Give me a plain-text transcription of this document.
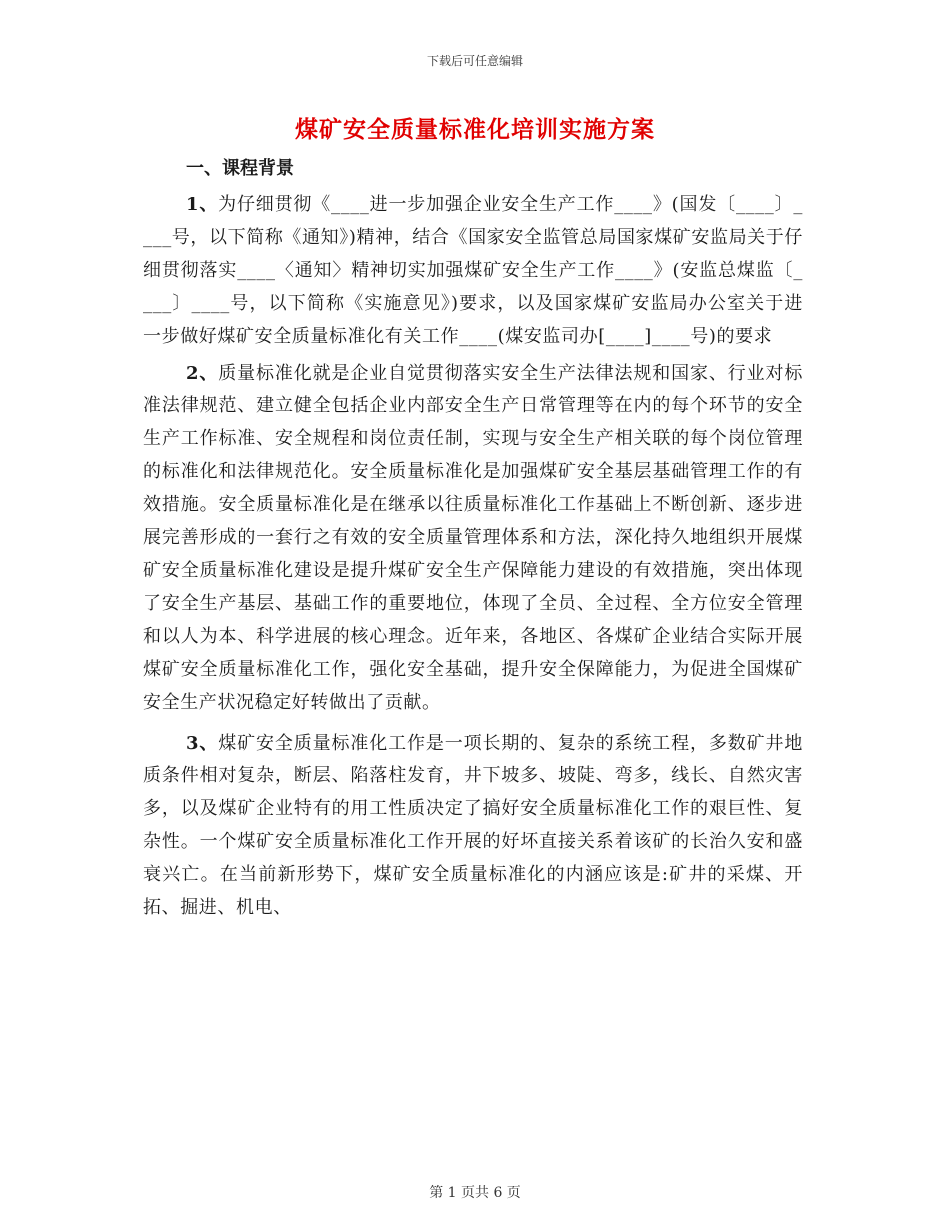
下载后可任意编辑
煤矿安全质量标准化培训实施方案
一、课程背景

1、为仔细贯彻《____进一步加强企业安全生产工作____》(国发〔____〕____号，以下简称《通知》)精神，结合《国家安全监管总局国家煤矿安监局关于仔细贯彻落实____〈通知〉精神切实加强煤矿安全生产工作____》(安监总煤监〔____〕____号，以下简称《实施意见》)要求，以及国家煤矿安监局办公室关于进一步做好煤矿安全质量标准化有关工作____(煤安监司办[____]____号)的要求

2、质量标准化就是企业自觉贯彻落实安全生产法律法规和国家、行业对标准法律规范、建立健全包括企业内部安全生产日常管理等在内的每个环节的安全生产工作标准、安全规程和岗位责任制，实现与安全生产相关联的每个岗位管理的标准化和法律规范化。安全质量标准化是加强煤矿安全基层基础管理工作的有效措施。安全质量标准化是在继承以往质量标准化工作基础上不断创新、逐步进展完善形成的一套行之有效的安全质量管理体系和方法，深化持久地组织开展煤矿安全质量标准化建设是提升煤矿安全生产保障能力建设的有效措施，突出体现了安全生产基层、基础工作的重要地位，体现了全员、全过程、全方位安全管理和以人为本、科学进展的核心理念。近年来，各地区、各煤矿企业结合实际开展煤矿安全质量标准化工作，强化安全基础，提升安全保障能力，为促进全国煤矿安全生产状况稳定好转做出了贡献。

3、煤矿安全质量标准化工作是一项长期的、复杂的系统工程，多数矿井地质条件相对复杂，断层、陷落柱发育，井下坡多、坡陡、弯多，线长、自然灾害多，以及煤矿企业特有的用工性质决定了搞好安全质量标准化工作的艰巨性、复杂性。一个煤矿安全质量标准化工作开展的好坏直接关系着该矿的长治久安和盛衰兴亡。在当前新形势下，煤矿安全质量标准化的内涵应该是:矿井的采煤、开拓、掘进、机电、

第 1 页共 6 页
